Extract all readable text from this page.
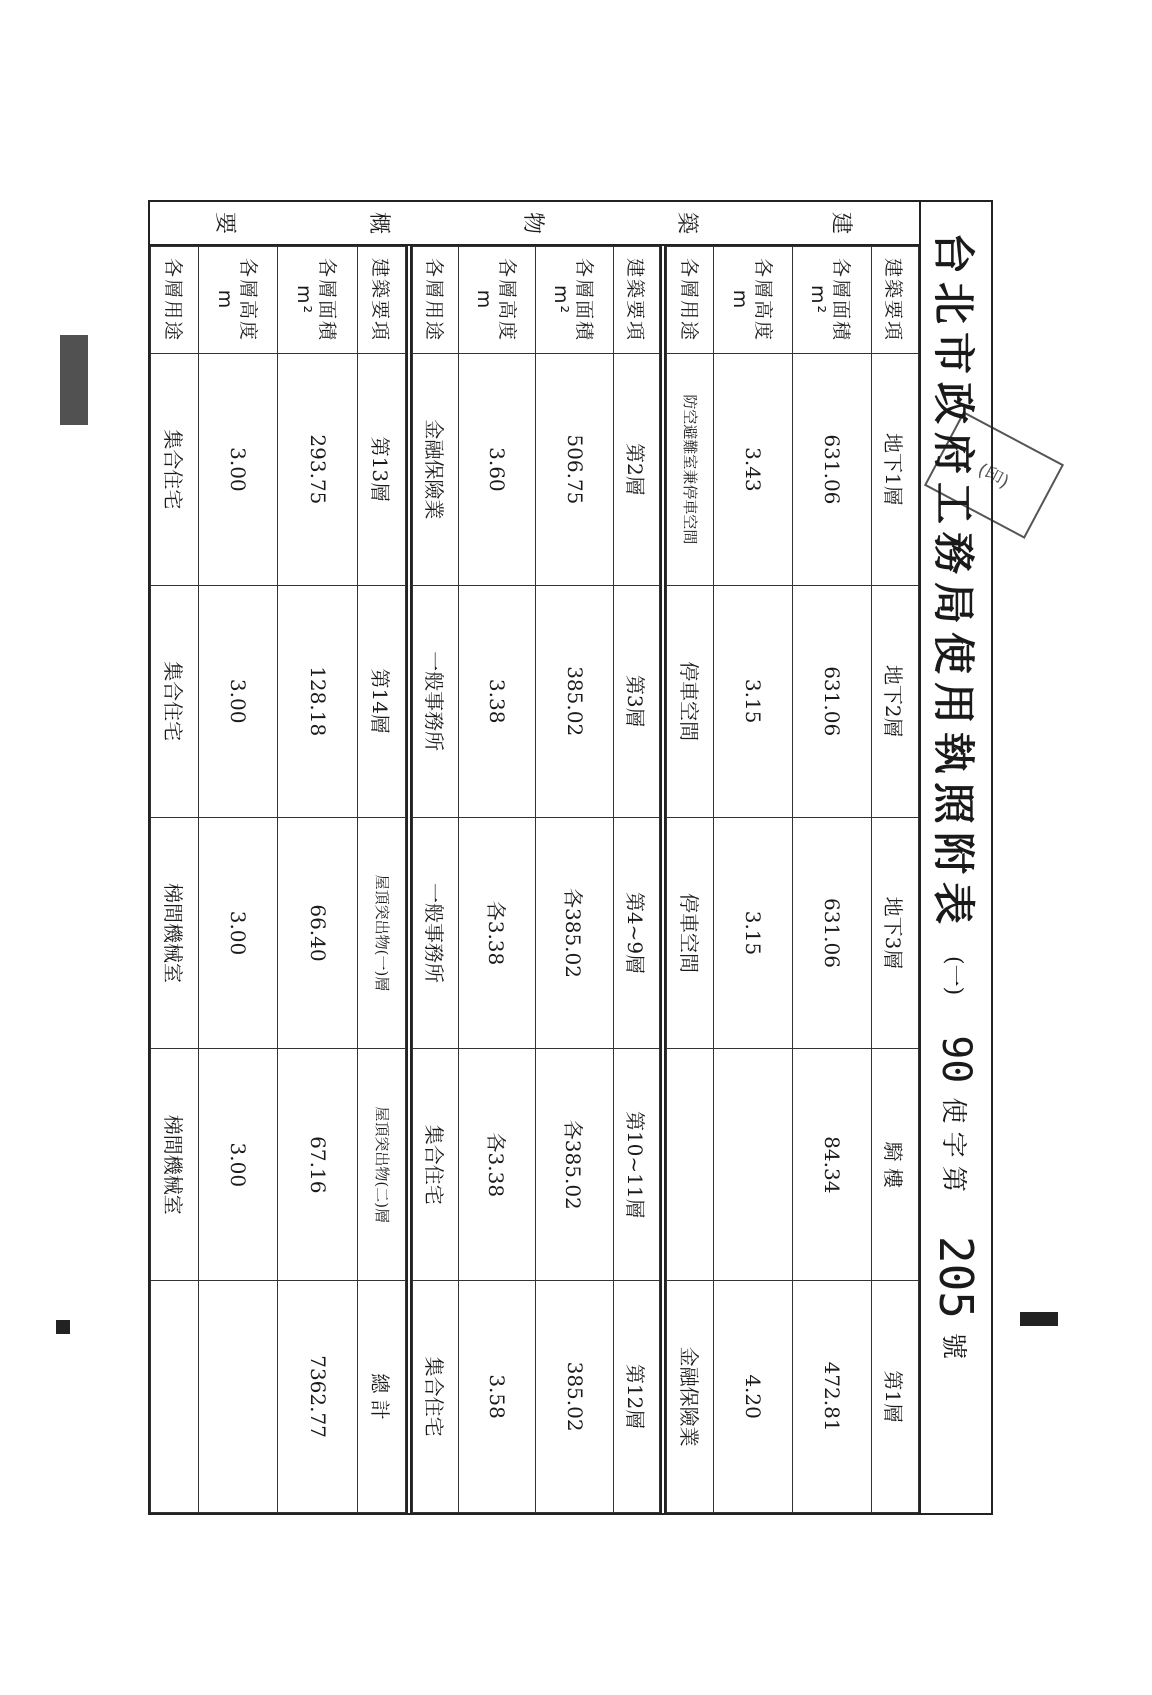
(印)
台北市政府工務局使用執照附表
(一)
90
使 字 第
205
號
建
築
物
概
要
建築要項	地下1層	地下2層	地下3層	騎 樓	第1層
各層面積m²	631.06	631.06	631.06	84.34	472.81
各層高度m	3.43	3.15	3.15		4.20
各層用途	防空避難室兼停車空間	停車空間	停車空間		金融保險業
建築要項	第2層	第3層	第4~9層	第10~11層	第12層
各層面積m²	506.75	385.02	各385.02	各385.02	385.02
各層高度m	3.60	3.38	各3.38	各3.38	3.58
各層用途	金融保險業	一般事務所	一般事務所	集合住宅	集合住宅
建築要項	第13層	第14層	屋頂突出物(一)層	屋頂突出物(二)層	總 計
各層面積m²	293.75	128.18	66.40	67.16	7362.77
各層高度m	3.00	3.00	3.00	3.00	
各層用途	集合住宅	集合住宅	梯間機械室	梯間機械室	
